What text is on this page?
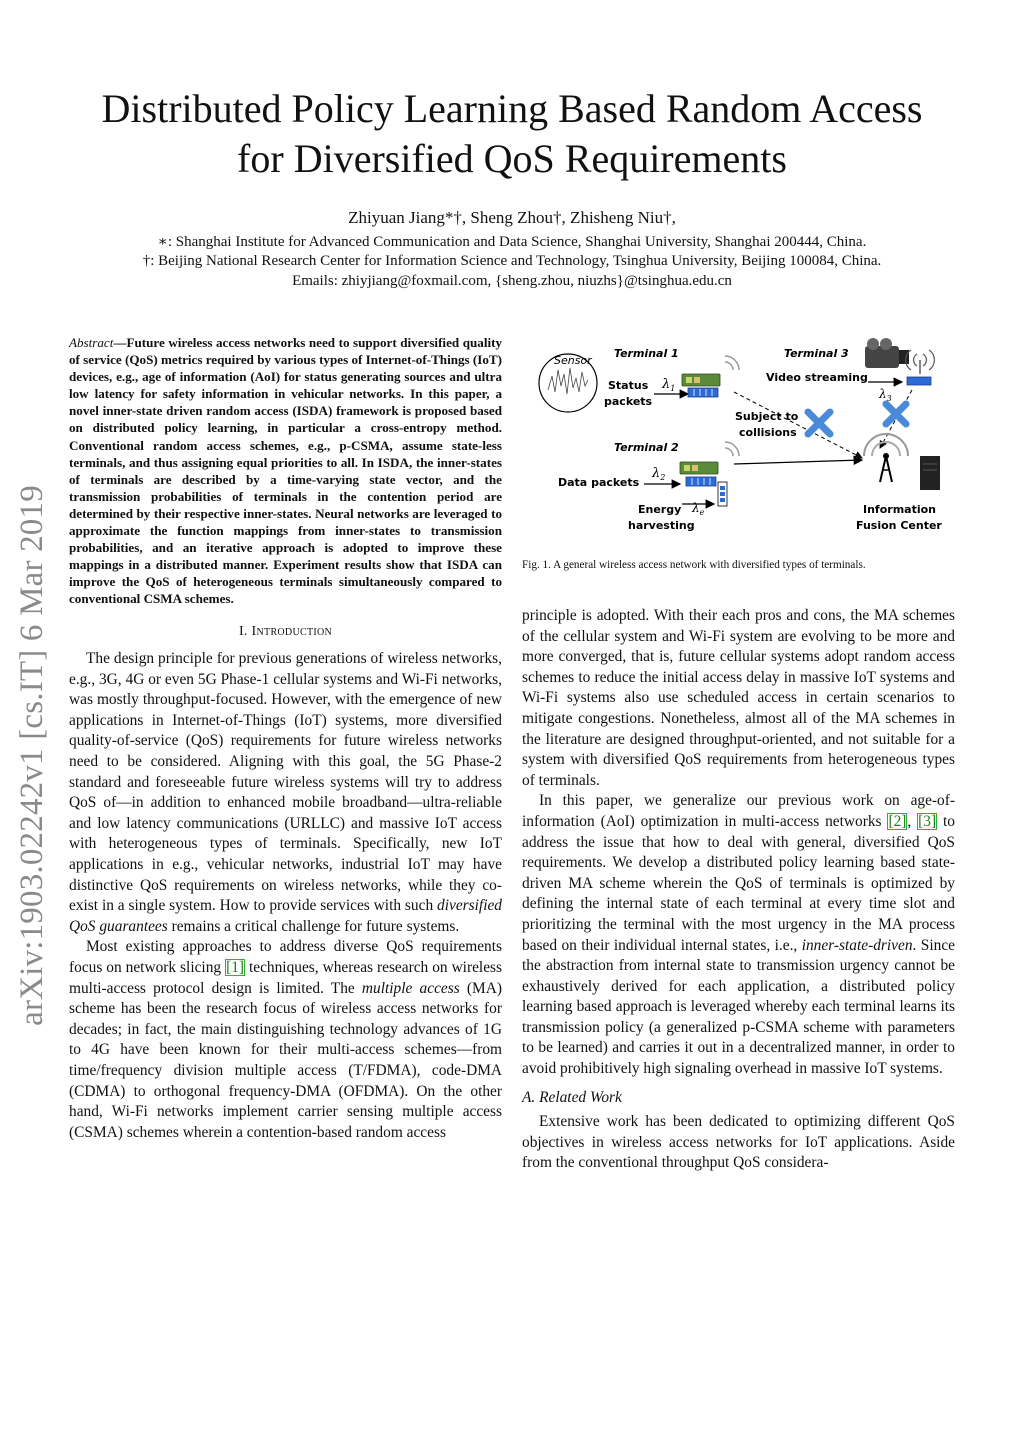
arXiv:1903.02242v1 [cs.IT] 6 Mar 2019
Distributed Policy Learning Based Random Access
for Diversified QoS Requirements
Zhiyuan Jiang*†, Sheng Zhou†, Zhisheng Niu†,
∗: Shanghai Institute for Advanced Communication and Data Science, Shanghai University, Shanghai 200444, China.
†: Beijing National Research Center for Information Science and Technology, Tsinghua University, Beijing 100084, China.
Emails: zhiyjiang@foxmail.com, {sheng.zhou, niuzhs}@tsinghua.edu.cn

Abstract—Future wireless access networks need to support diversified quality of service (QoS) metrics required by various types of Internet-of-Things (IoT) devices, e.g., age of information (AoI) for status generating sources and ultra low latency for safety information in vehicular networks. In this paper, a novel inner-state driven random access (ISDA) framework is proposed based on distributed policy learning, in particular a cross-entropy method. Conventional random access schemes, e.g., p-CSMA, assume state-less terminals, and thus assigning equal priorities to all. In ISDA, the inner-states of terminals are described by a time-varying state vector, and the transmission probabilities of terminals in the contention period are determined by their respective inner-states. Neural networks are leveraged to approximate the function mappings from inner-states to transmission probabilities, and an iterative approach is adopted to improve these mappings in a distributed manner. Experiment results show that ISDA can improve the QoS of heterogeneous terminals simultaneously compared to conventional CSMA schemes.

I. Introduction

The design principle for previous generations of wireless networks, e.g., 3G, 4G or even 5G Phase-1 cellular systems and Wi-Fi networks, was mostly throughput-focused. However, with the emergence of new applications in Internet-of-Things (IoT) systems, more diversified quality-of-service (QoS) requirements for future wireless networks need to be considered. Aligning with this goal, the 5G Phase-2 standard and foreseeable future wireless systems will try to address QoS of—in addition to enhanced mobile broadband—ultra-reliable and low latency communications (URLLC) and massive IoT access with heterogeneous types of terminals. Specifically, new IoT applications in e.g., vehicular networks, industrial IoT may have distinctive QoS requirements on wireless networks, while they co-exist in a single system. How to provide services with such diversified QoS guarantees remains a critical challenge for future systems.

Most existing approaches to address diverse QoS requirements focus on network slicing [1] techniques, whereas research on wireless multi-access protocol design is limited. The multiple access (MA) scheme has been the research focus of wireless access networks for decades; in fact, the main distinguishing technology advances of 1G to 4G have been known for their multi-access schemes—from time/frequency division multiple access (T/FDMA), code-DMA (CDMA) to orthogonal frequency-DMA (OFDMA). On the other hand, Wi-Fi networks implement carrier sensing multiple access (CSMA) schemes wherein a contention-based random access

Sensor
Terminal 1
Status
packets
$\lambda_1$
Terminal 3
Video streaming
$\lambda_3$
Subject to
collisions
Terminal 2
$\lambda_2$
Data packets
$\lambda_e$
Energy
harvesting
Information
Fusion Center
Fig. 1. A general wireless access network with diversified types of terminals.

principle is adopted. With their each pros and cons, the MA schemes of the cellular system and Wi-Fi system are evolving to be more and more converged, that is, future cellular systems adopt random access schemes to reduce the initial access delay in massive IoT systems and Wi-Fi systems also use scheduled access in certain scenarios to mitigate congestions. Nonetheless, almost all of the MA schemes in the literature are designed throughput-oriented, and not suitable for a system with diversified QoS requirements from heterogeneous types of terminals.

In this paper, we generalize our previous work on age-of-information (AoI) optimization in multi-access networks [2], [3] to address the issue that how to deal with general, diversified QoS requirements. We develop a distributed policy learning based state-driven MA scheme wherein the QoS of terminals is optimized by defining the internal state of each terminal at every time slot and prioritizing the terminal with the most urgency in the MA process based on their individual internal states, i.e., inner-state-driven. Since the abstraction from internal state to transmission urgency cannot be exhaustively derived for each application, a distributed policy learning based approach is leveraged whereby each terminal learns its transmission policy (a generalized p-CSMA scheme with parameters to be learned) and carries it out in a decentralized manner, in order to avoid prohibitively high signaling overhead in massive IoT systems.

A. Related Work

Extensive work has been dedicated to optimizing different QoS objectives in wireless access networks for IoT applications. Aside from the conventional throughput QoS considera-
